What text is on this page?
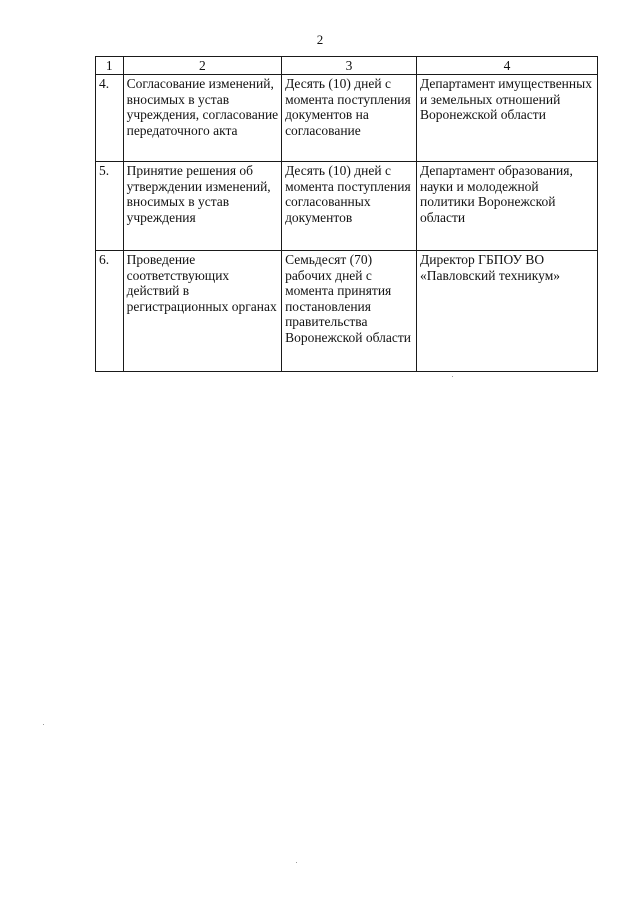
2
1	2	3	4
4.	Согласование изменений, вносимых в устав учреждения, согласование передаточного акта	Десять (10) дней с момента поступления документов на согласование	Департамент имущественных и земельных отношений Воронежской области
5.	Принятие решения об утверждении изменений, вносимых в устав учреждения	Десять (10) дней с момента поступления согласованных документов	Департамент образования, науки и молодежной политики Воронежской области
6.	Проведение соответствующих действий в регистрационных органах	Семьдесят (70) рабочих дней с момента принятия постановления правительства Воронежской области	Директор ГБПОУ ВО «Павловский техникум»
